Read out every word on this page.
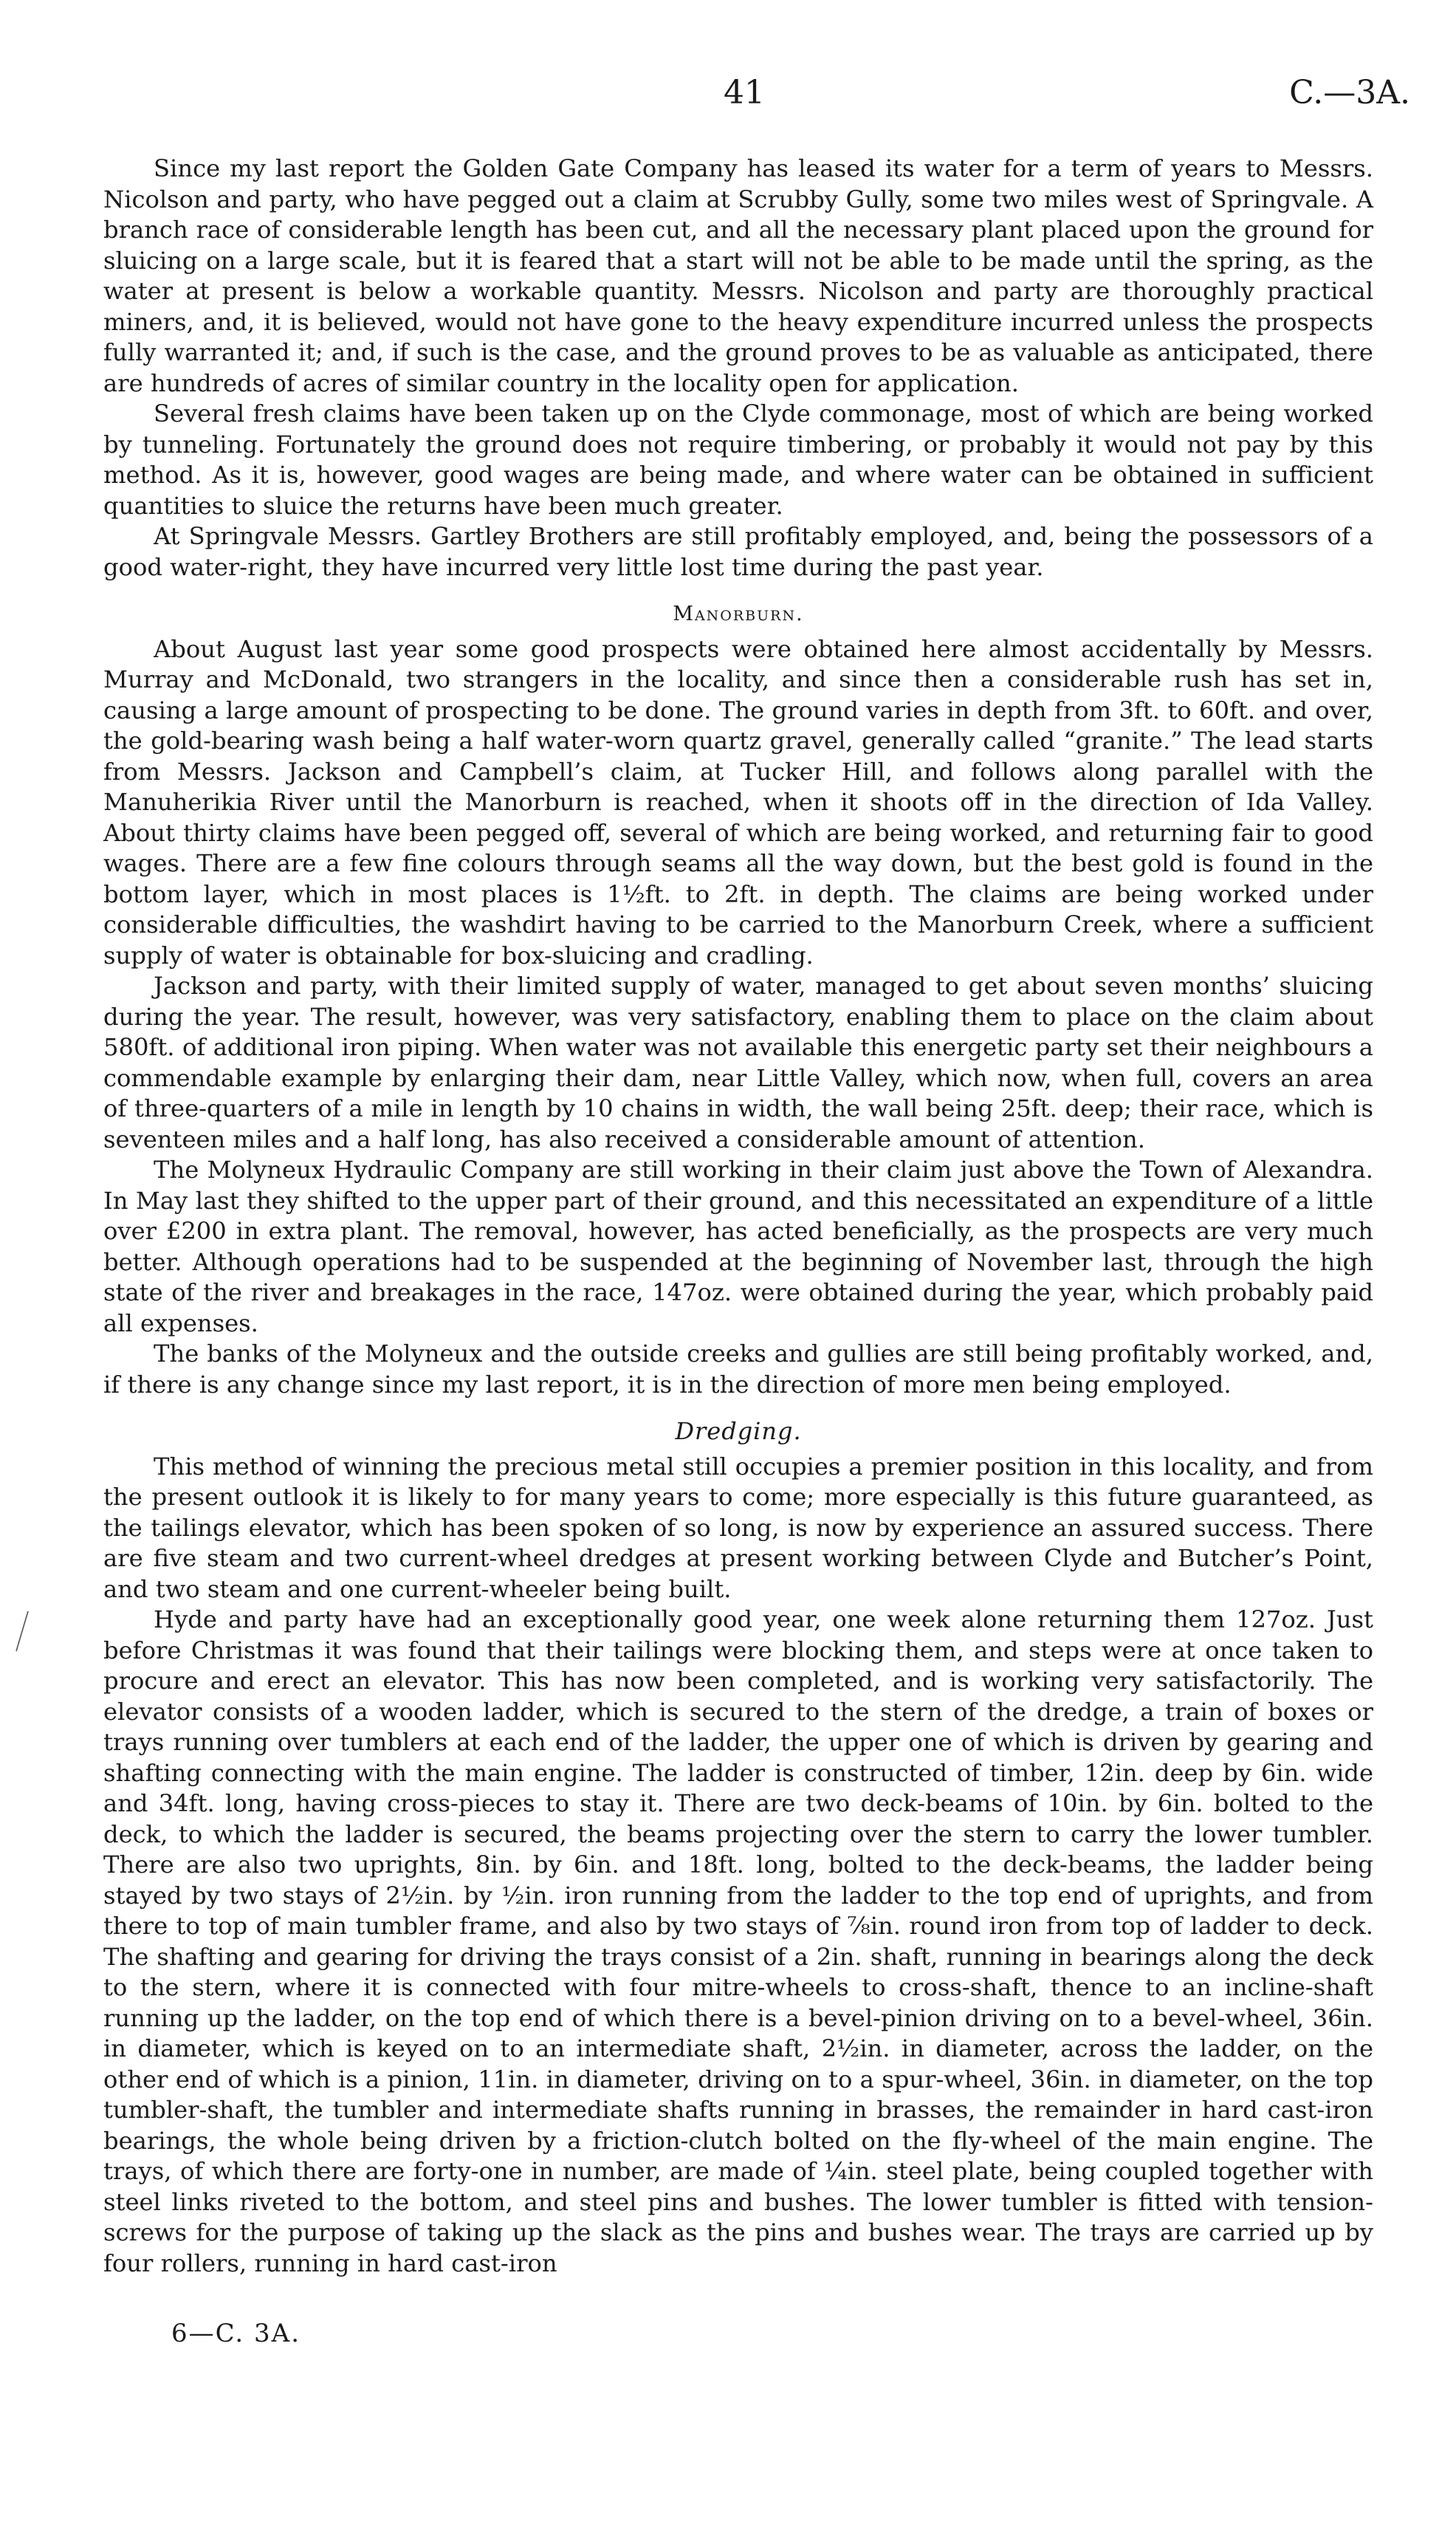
41	C.—3A.

Since my last report the Golden Gate Company has leased its water for a term of years to Messrs. Nicolson and party, who have pegged out a claim at Scrubby Gully, some two miles west of Springvale. A branch race of considerable length has been cut, and all the necessary plant placed upon the ground for sluicing on a large scale, but it is feared that a start will not be able to be made until the spring, as the water at present is below a workable quantity. Messrs. Nicolson and party are thoroughly practical miners, and, it is believed, would not have gone to the heavy expenditure incurred unless the prospects fully warranted it; and, if such is the case, and the ground proves to be as valuable as anticipated, there are hundreds of acres of similar country in the locality open for application.

Several fresh claims have been taken up on the Clyde commonage, most of which are being worked by tunneling. Fortunately the ground does not require timbering, or probably it would not pay by this method. As it is, however, good wages are being made, and where water can be obtained in sufficient quantities to sluice the returns have been much greater.

At Springvale Messrs. Gartley Brothers are still profitably employed, and, being the possessors of a good water-right, they have incurred very little lost time during the past year.

Manorburn.

About August last year some good prospects were obtained here almost accidentally by Messrs. Murray and McDonald, two strangers in the locality, and since then a considerable rush has set in, causing a large amount of prospecting to be done. The ground varies in depth from 3ft. to 60ft. and over, the gold-bearing wash being a half water-worn quartz gravel, generally called “granite.” The lead starts from Messrs. Jackson and Campbell’s claim, at Tucker Hill, and follows along parallel with the Manuherikia River until the Manorburn is reached, when it shoots off in the direction of Ida Valley. About thirty claims have been pegged off, several of which are being worked, and returning fair to good wages. There are a few fine colours through seams all the way down, but the best gold is found in the bottom layer, which in most places is 1½ft. to 2ft. in depth. The claims are being worked under considerable difficulties, the washdirt having to be carried to the Manorburn Creek, where a sufficient supply of water is obtainable for box-sluicing and cradling.

Jackson and party, with their limited supply of water, managed to get about seven months’ sluicing during the year. The result, however, was very satisfactory, enabling them to place on the claim about 580ft. of additional iron piping. When water was not available this energetic party set their neighbours a commendable example by enlarging their dam, near Little Valley, which now, when full, covers an area of three-quarters of a mile in length by 10 chains in width, the wall being 25ft. deep; their race, which is seventeen miles and a half long, has also received a considerable amount of attention.

The Molyneux Hydraulic Company are still working in their claim just above the Town of Alexandra. In May last they shifted to the upper part of their ground, and this necessitated an expenditure of a little over £200 in extra plant. The removal, however, has acted beneficially, as the prospects are very much better. Although operations had to be suspended at the beginning of November last, through the high state of the river and breakages in the race, 147oz. were obtained during the year, which probably paid all expenses.

The banks of the Molyneux and the outside creeks and gullies are still being profitably worked, and, if there is any change since my last report, it is in the direction of more men being employed.

Dredging.

This method of winning the precious metal still occupies a premier position in this locality, and from the present outlook it is likely to for many years to come; more especially is this future guaranteed, as the tailings elevator, which has been spoken of so long, is now by experience an assured success. There are five steam and two current-wheel dredges at present working between Clyde and Butcher’s Point, and two steam and one current-wheeler being built.

Hyde and party have had an exceptionally good year, one week alone returning them 127oz. Just before Christmas it was found that their tailings were blocking them, and steps were at once taken to procure and erect an elevator. This has now been completed, and is working very satisfactorily. The elevator consists of a wooden ladder, which is secured to the stern of the dredge, a train of boxes or trays running over tumblers at each end of the ladder, the upper one of which is driven by gearing and shafting connecting with the main engine. The ladder is constructed of timber, 12in. deep by 6in. wide and 34ft. long, having cross-pieces to stay it. There are two deck-beams of 10in. by 6in. bolted to the deck, to which the ladder is secured, the beams projecting over the stern to carry the lower tumbler. There are also two uprights, 8in. by 6in. and 18ft. long, bolted to the deck-beams, the ladder being stayed by two stays of 2½in. by ½in. iron running from the ladder to the top end of uprights, and from there to top of main tumbler frame, and also by two stays of ⅞in. round iron from top of ladder to deck. The shafting and gearing for driving the trays consist of a 2in. shaft, running in bearings along the deck to the stern, where it is connected with four mitre-wheels to cross-shaft, thence to an incline-shaft running up the ladder, on the top end of which there is a bevel-pinion driving on to a bevel-wheel, 36in. in diameter, which is keyed on to an intermediate shaft, 2½in. in diameter, across the ladder, on the other end of which is a pinion, 11in. in diameter, driving on to a spur-wheel, 36in. in diameter, on the top tumbler-shaft, the tumbler and intermediate shafts running in brasses, the remainder in hard cast-iron bearings, the whole being driven by a friction-clutch bolted on the fly-wheel of the main engine. The trays, of which there are forty-one in number, are made of ¼in. steel plate, being coupled together with steel links riveted to the bottom, and steel pins and bushes. The lower tumbler is fitted with tension-screws for the purpose of taking up the slack as the pins and bushes wear. The trays are carried up by four rollers, running in hard cast-iron

6—C. 3A.
